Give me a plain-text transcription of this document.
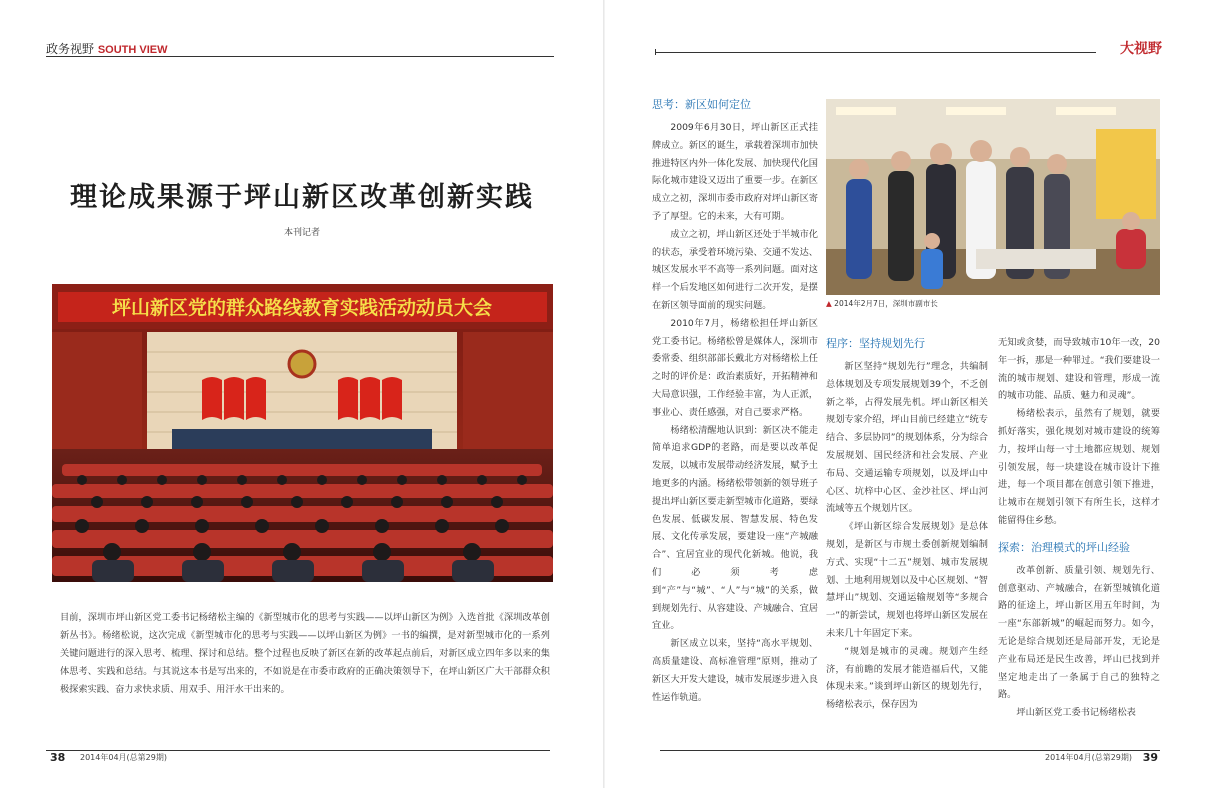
政务视野 SOUTH VIEW
理论成果源于坪山新区改革创新实践
本刊记者
坪山新区党的群众路线教育实践活动动员大会
目前，深圳市坪山新区党工委书记杨绪松主编的《新型城市化的思考与实践——以坪山新区为例》入选首批《深圳改革创新丛书》。杨绪松说，这次完成《新型城市化的思考与实践——以坪山新区为例》一书的编撰，是对新型城市化的一系列关键问题进行的深入思考、梳理、探讨和总结。整个过程也反映了新区在新的改革起点前后，对新区成立四年多以来的集体思考、实践和总结。与其说这本书是写出来的，不如说是在市委市政府的正确决策领导下，在坪山新区广大干部群众积极探索实践、奋力求快求质、用双手、用汗水干出来的。
38 2014年04月(总第29期)
大视野
思考：新区如何定位

2009年6月30日，坪山新区正式挂牌成立。新区的诞生，承载着深圳市加快推进特区内外一体化发展、加快现代化国际化城市建设又迈出了重要一步。在新区成立之初，深圳市委市政府对坪山新区寄予了厚望。它的未来，大有可期。

成立之初，坪山新区还处于半城市化的状态，承受着环境污染、交通不发达、城区发展水平不高等一系列问题。面对这样一个后发地区如何进行二次开发，是摆在新区领导面前的现实问题。

2010年7月，杨绪松担任坪山新区党工委书记。杨绪松曾是媒体人，深圳市委常委、组织部部长戴北方对杨绪松上任之时的评价是：政治素质好，开拓精神和大局意识强，工作经验丰富，为人正派，事业心、责任感强，对自己要求严格。

杨绪松清醒地认识到：新区决不能走简单追求GDP的老路，而是要以改革促发展，以城市发展带动经济发展，赋予土地更多的内涵。杨绪松带领新的领导班子提出坪山新区要走新型城市化道路，要绿色发展、低碳发展、智慧发展、特色发展、文化传承发展，要建设一座“产城融合”、宜居宜业的现代化新城。他说，我们必须考虑到“产”与“城”、“人”与“城”的关系，做到规划先行、从容建设、产城融合、宜居宜业。

新区成立以来，坚持“高水平规划、高质量建设、高标准管理”原则，推动了新区大开发大建设，城市发展逐步进入良性运作轨道。

▲ 2014年2月7日，深圳市副市长
程序：坚持规划先行

新区坚持“规划先行”理念，共编制总体规划及专项发展规划39个，不乏创新之举，占得发展先机。坪山新区相关规划专家介绍，坪山目前已经建立“统专结合、多层协同”的规划体系，分为综合发展规划、国民经济和社会发展、产业布局、交通运输专项规划，以及坪山中心区、坑梓中心区、金沙社区、坪山河流域等五个规划片区。

《坪山新区综合发展规划》是总体规划，是新区与市规土委创新规划编制方式、实现“十二五”规划、城市发展规划、土地利用规划以及中心区规划、“智慧坪山”规划、交通运输规划等“多规合一”的新尝试，规划也将坪山新区发展在未来几十年固定下来。

“规划是城市的灵魂。规划产生经济，有前瞻的发展才能造福后代，又能体现未来。”谈到坪山新区的规划先行，杨绪松表示，保存因为

无知或贪婪，而导致城市10年一改，20年一拆，那是一种罪过。“我们要建设一流的城市规划、建设和管理，形成一流的城市功能、品质、魅力和灵魂”。

杨绪松表示，虽然有了规划，就要抓好落实，强化规划对城市建设的统筹力，按坪山每一寸土地都应规划、规划引领发展，每一块建设在城市设计下推进，每一个项目都在创意引领下推进，让城市在规划引领下有所生长，这样才能留得住乡愁。

探索：治理模式的坪山经验

改革创新、质量引领、规划先行、创意驱动、产城融合，在新型城镇化道路的征途上，坪山新区用五年时间，为一座“东部新城”的崛起而努力。如今，无论是综合规划还是局部开发，无论是产业布局还是民生改善，坪山已找到并坚定地走出了一条属于自己的独特之路。

坪山新区党工委书记杨绪松表

2014年04月(总第29期) 39
